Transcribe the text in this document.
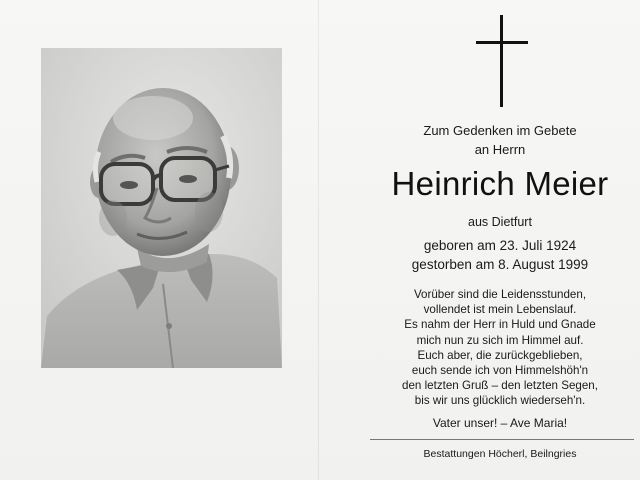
Zum Gedenken im Gebete
an Herrn
Heinrich Meier
aus Dietfurt
geboren am 23. Juli 1924
gestorben am 8. August 1999
Vorüber sind die Leidensstunden,
vollendet ist mein Lebenslauf.
Es nahm der Herr in Huld und Gnade
mich nun zu sich im Himmel auf.
Euch aber, die zurückgeblieben,
euch sende ich von Himmelshöh'n
den letzten Gruß – den letzten Segen,
bis wir uns glücklich wiederseh'n.
Vater unser! – Ave Maria!
Bestattungen Höcherl, Beilngries
